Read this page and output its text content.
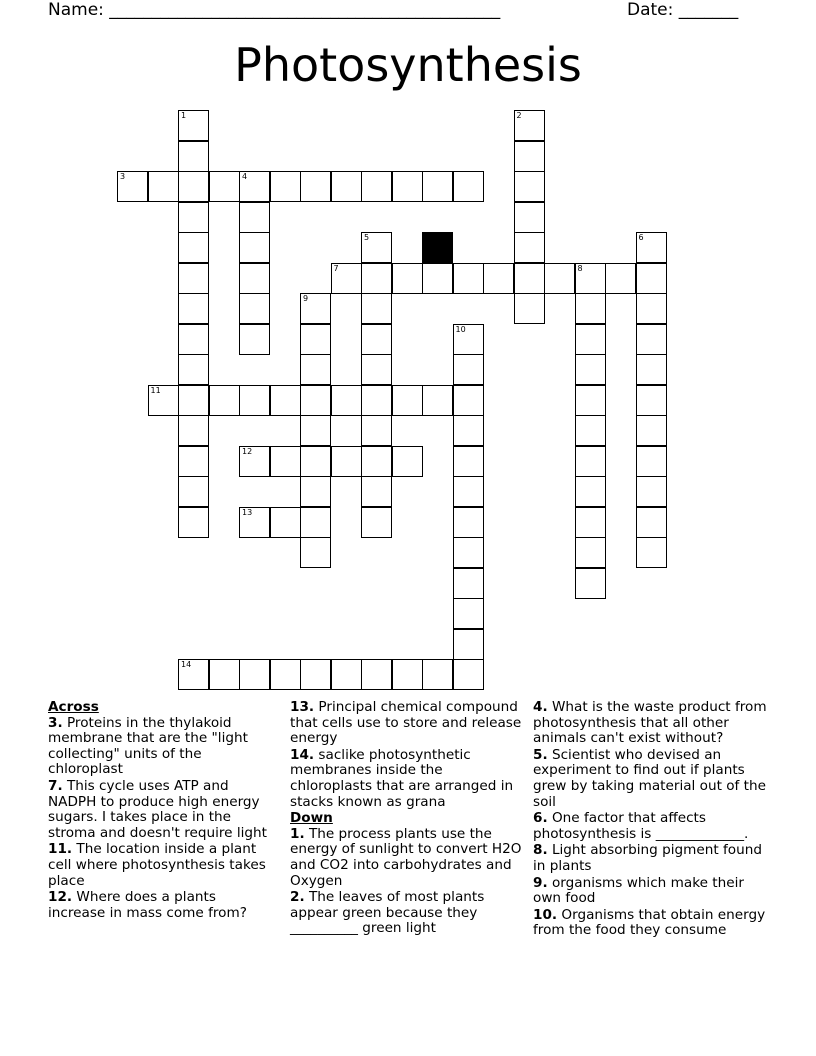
Name: ______________________________________________	Date: _______
Photosynthesis
1	2
3	4
5	6
7	8
9
10
11
12
13
14
Across
3. Proteins in the thylakoid membrane that are the "light collecting" units of the chloroplast
7. This cycle uses ATP and NADPH to produce high energy sugars. I takes place in the stroma and doesn't require light
11. The location inside a plant cell where photosynthesis takes place
12. Where does a plants increase in mass come from?
13. Principal chemical compound that cells use to store and release energy
14. saclike photosynthetic membranes inside the chloroplasts that are arranged in stacks known as grana
Down
1. The process plants use the energy of sunlight to convert H2O and CO2 into carbohydrates and Oxygen
2. The leaves of most plants appear green because they __________ green light
4. What is the waste product from photosynthesis that all other animals can't exist without?
5. Scientist who devised an experiment to find out if plants grew by taking material out of the soil
6. One factor that affects photosynthesis is _____________.
8. Light absorbing pigment found in plants
9. organisms which make their own food
10. Organisms that obtain energy from the food they consume
